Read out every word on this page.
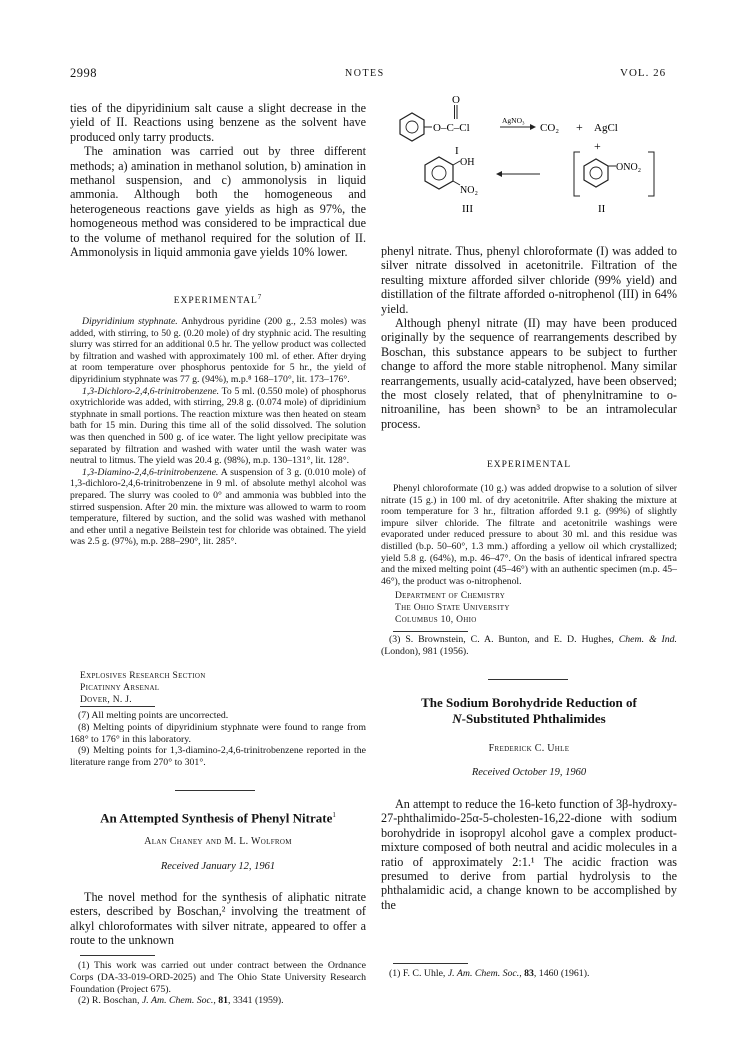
2998	NOTES	VOL. 26

ties of the dipyridinium salt cause a slight decrease in the yield of II. Reactions using benzene as the solvent have produced only tarry products.

The amination was carried out by three different methods; a) amination in methanol solution, b) amination in methanol suspension, and c) ammonolysis in liquid ammonia. Although both the homogeneous and heterogeneous reactions gave yields as high as 97%, the homogeneous method was considered to be impractical due to the volume of methanol required for the solution of II. Ammonolysis in liquid ammonia gave yields 10% lower.

EXPERIMENTAL$^7$

Dipyridinium styphnate. Anhydrous pyridine (200 g., 2.53 moles) was added, with stirring, to 50 g. (0.20 mole) of dry styphnic acid. The resulting slurry was stirred for an additional 0.5 hr. The yellow product was collected by filtration and washed with approximately 100 ml. of ether. After drying at room temperature over phosphorus pentoxide for 5 hr., the yield of dipyridinium styphnate was 77 g. (94%), m.p.⁸ 168–170°, lit. 173–176°.

1,3-Dichloro-2,4,6-trinitrobenzene. To 5 ml. (0.550 mole) of phosphorus oxytrichloride was added, with stirring, 29.8 g. (0.074 mole) of dipridinium styphnate in small portions. The reaction mixture was then heated on steam bath for 15 min. During this time all of the solid dissolved. The solution was then quenched in 500 g. of ice water. The light yellow precipitate was separated by filtration and washed with water until the wash water was neutral to litmus. The yield was 20.4 g. (98%), m.p. 130–131°, lit. 128°.

1,3-Diamino-2,4,6-trinitrobenzene. A suspension of 3 g. (0.010 mole) of 1,3-dichloro-2,4,6-trinitrobenzene in 9 ml. of absolute methyl alcohol was prepared. The slurry was cooled to 0° and ammonia was bubbled into the stirred suspension. After 20 min. the mixture was allowed to warm to room temperature, filtered by suction, and the solid was washed with methanol and ether until a negative Beilstein test for chloride was obtained. The yield was 2.5 g. (97%), m.p. 288–290°, lit. 285°.

Explosives Research Section

Picatinny Arsenal

Dover, N. J.

(7) All melting points are uncorrected.

(8) Melting points of dipyridinium styphnate were found to range from 168° to 176° in this laboratory.

(9) Melting points for 1,3-diamino-2,4,6-trinitrobenzene reported in the literature range from 270° to 301°.

An Attempted Synthesis of Phenyl Nitrate$^1$
Alan Chaney and M. L. Wolfrom
Received January 12, 1961

The novel method for the synthesis of aliphatic nitrate esters, described by Boschan,² involving the treatment of alkyl chloroformates with silver nitrate, appeared to offer a route to the unknown

(1) This work was carried out under contract between the Ordnance Corps (DA-33-019-ORD-2025) and The Ohio State University Research Foundation (Project 675).

(2) R. Boschan, J. Am. Chem. Soc., 81, 3341 (1959).

O
O–C–Cl
AgNO₃
CO₂ + AgCl
+
I
OH
NO₂
III
ONO₂
II

phenyl nitrate. Thus, phenyl chloroformate (I) was added to silver nitrate dissolved in acetonitrile. Filtration of the resulting mixture afforded silver chloride (99% yield) and distillation of the filtrate afforded o-nitrophenol (III) in 64% yield.

Although phenyl nitrate (II) may have been produced originally by the sequence of rearrangements described by Boschan, this substance appears to be subject to further change to afford the more stable nitrophenol. Many similar rearrangements, usually acid-catalyzed, have been observed; the most closely related, that of phenylnitramine to o-nitroaniline, has been shown³ to be an intramolecular process.

EXPERIMENTAL

Phenyl chloroformate (10 g.) was added dropwise to a solution of silver nitrate (15 g.) in 100 ml. of dry acetonitrile. After shaking the mixture at room temperature for 3 hr., filtration afforded 9.1 g. (99%) of slightly impure silver chloride. The filtrate and acetonitrile washings were evaporated under reduced pressure to about 30 ml. and this residue was distilled (b.p. 50–60°, 1.3 mm.) affording a yellow oil which crystallized; yield 5.8 g. (64%), m.p. 46–47°. On the basis of identical infrared spectra and the mixed melting point (45–46°) with an authentic specimen (m.p. 45–46°), the product was o-nitrophenol.

Department of Chemistry

The Ohio State University

Columbus 10, Ohio

(3) S. Brownstein, C. A. Bunton, and E. D. Hughes, Chem. & Ind. (London), 981 (1956).

The Sodium Borohydride Reduction of
N-Substituted Phthalimides
Frederick C. Uhle
Received October 19, 1960

An attempt to reduce the 16-keto function of 3β-hydroxy-27-phthalimido-25α-5-cholesten-16,22-dione with sodium borohydride in isopropyl alcohol gave a complex product-mixture composed of both neutral and acidic molecules in a ratio of approximately 2:1.¹ The acidic fraction was presumed to derive from partial hydrolysis to the phthalamidic acid, a change known to be accomplished by the

(1) F. C. Uhle, J. Am. Chem. Soc., 83, 1460 (1961).
